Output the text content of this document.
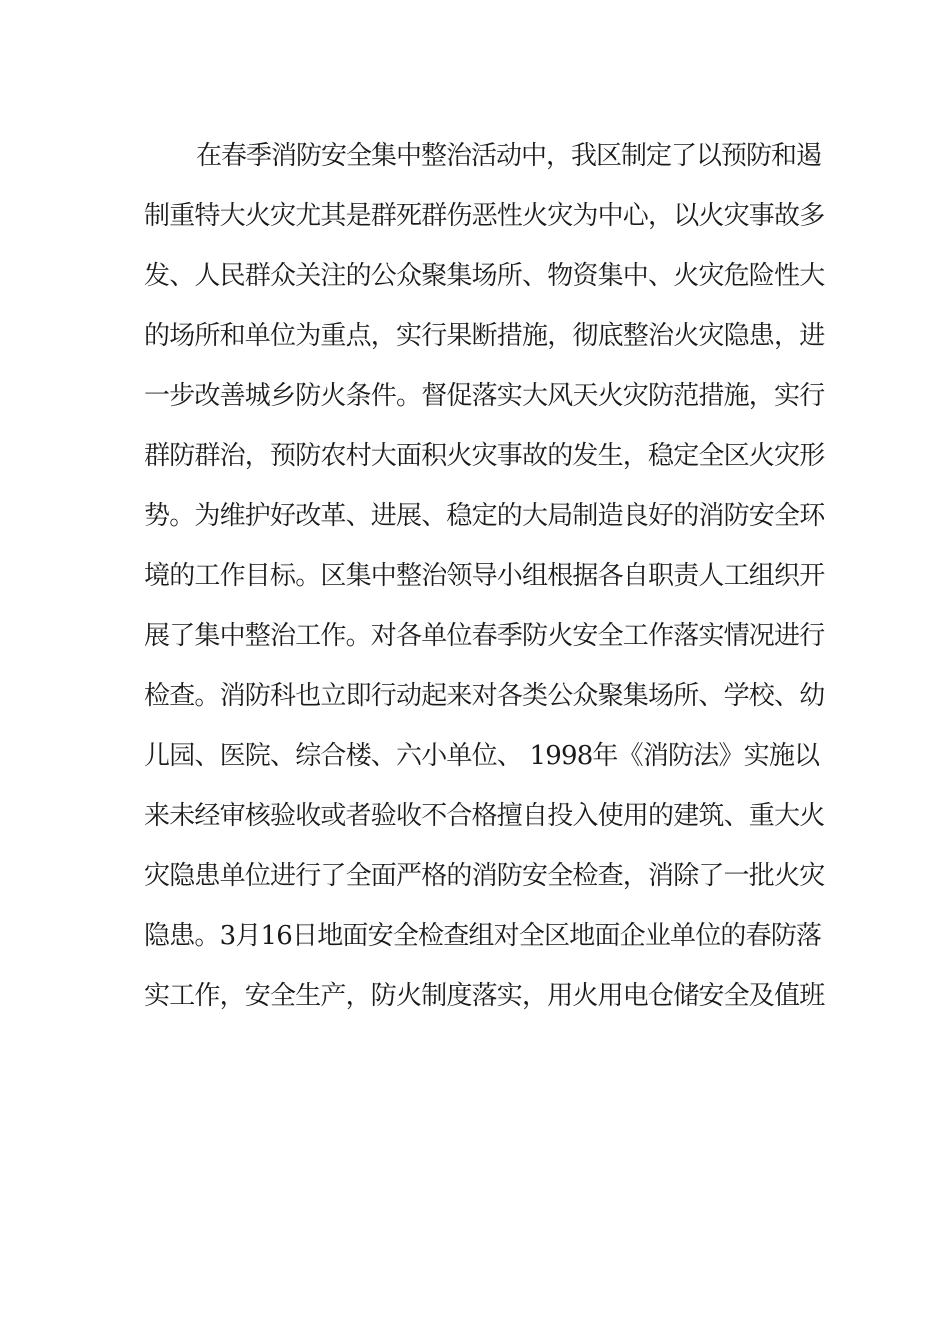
在春季消防安全集中整治活动中，我区制定了以预防和遏
制重特大火灾尤其是群死群伤恶性火灾为中心，以火灾事故多
发、人民群众关注的公众聚集场所、物资集中、火灾危险性大
的场所和单位为重点，实行果断措施，彻底整治火灾隐患，进
一步改善城乡防火条件。督促落实大风天火灾防范措施，实行
群防群治，预防农村大面积火灾事故的发生，稳定全区火灾形
势。为维护好改革、进展、稳定的大局制造良好的消防安全环
境的工作目标。区集中整治领导小组根据各自职责人工组织开
展了集中整治工作。对各单位春季防火安全工作落实情况进行
检查。消防科也立即行动起来对各类公众聚集场所、学校、幼
儿园、医院、综合楼、六小单位、 1998年《消防法》实施以
来未经审核验收或者验收不合格擅自投入使用的建筑、重大火
灾隐患单位进行了全面严格的消防安全检查，消除了一批火灾
隐患。3月16日地面安全检查组对全区地面企业单位的春防落
实工作，安全生产，防火制度落实，用火用电仓储安全及值班
